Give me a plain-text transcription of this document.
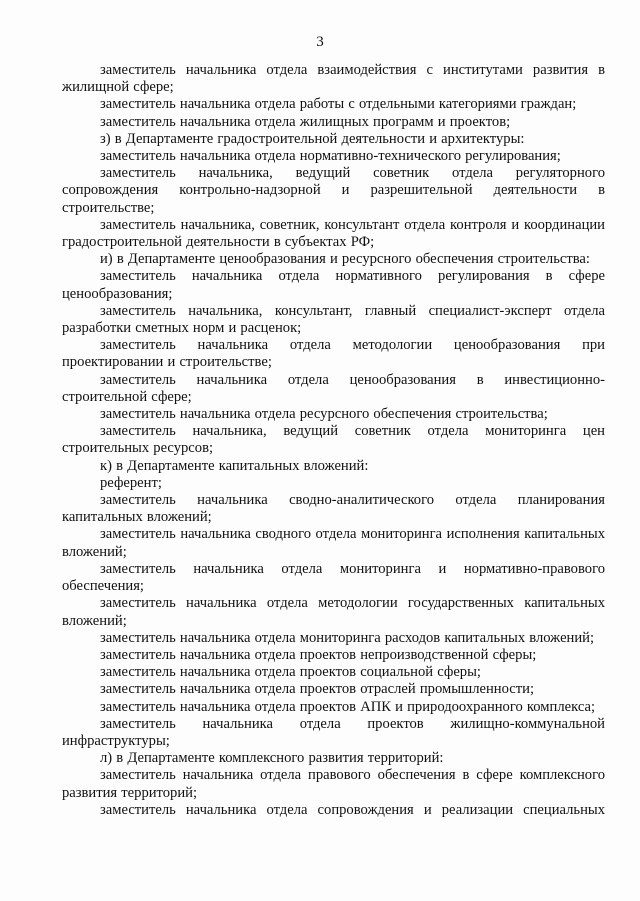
3

заместитель начальника отдела взаимодействия с институтами развития в жилищной сфере;

заместитель начальника отдела работы с отдельными категориями граждан;

заместитель начальника отдела жилищных программ и проектов;

з) в Департаменте градостроительной деятельности и архитектуры:

заместитель начальника отдела нормативно-технического регулирования;

заместитель начальника, ведущий советник отдела регуляторного сопровождения контрольно-надзорной и разрешительной деятельности в строительстве;

заместитель начальника, советник, консультант отдела контроля и координации градостроительной деятельности в субъектах РФ;

и) в Департаменте ценообразования и ресурсного обеспечения строительства:

заместитель начальника отдела нормативного регулирования в сфере ценообразования;

заместитель начальника, консультант, главный специалист-эксперт отдела разработки сметных норм и расценок;

заместитель начальника отдела методологии ценообразования при проектировании и строительстве;

заместитель начальника отдела ценообразования в инвестиционно-строительной сфере;

заместитель начальника отдела ресурсного обеспечения строительства;

заместитель начальника, ведущий советник отдела мониторинга цен строительных ресурсов;

к) в Департаменте капитальных вложений:

референт;

заместитель начальника сводно-аналитического отдела планирования капитальных вложений;

заместитель начальника сводного отдела мониторинга исполнения капитальных вложений;

заместитель начальника отдела мониторинга и нормативно-правового обеспечения;

заместитель начальника отдела методологии государственных капитальных вложений;

заместитель начальника отдела мониторинга расходов капитальных вложений;

заместитель начальника отдела проектов непроизводственной сферы;

заместитель начальника отдела проектов социальной сферы;

заместитель начальника отдела проектов отраслей промышленности;

заместитель начальника отдела проектов АПК и природоохранного комплекса;

заместитель начальника отдела проектов жилищно-коммунальной инфраструктуры;

л) в Департаменте комплексного развития территорий:

заместитель начальника отдела правового обеспечения в сфере комплексного развития территорий;

заместитель начальника отдела сопровождения и реализации специальных
